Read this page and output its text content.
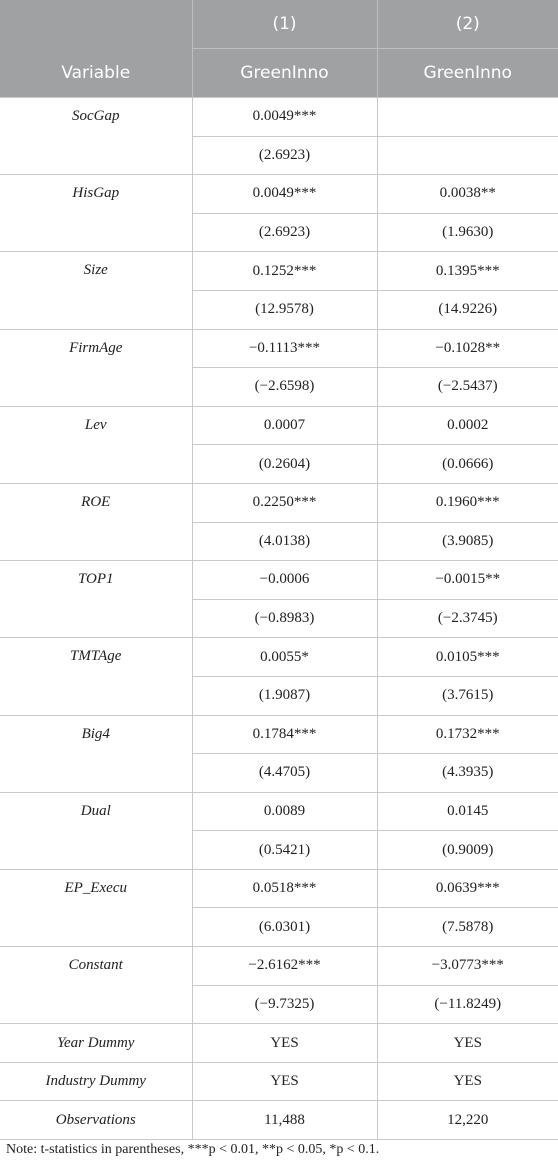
	(1)	(2)
Variable	GreenInno	GreenInno
SocGap	0.0049***	
	(2.6923)	
HisGap	0.0049***	0.0038**
	(2.6923)	(1.9630)
Size	0.1252***	0.1395***
	(12.9578)	(14.9226)
FirmAge	−0.1113***	−0.1028**
	(−2.6598)	(−2.5437)
Lev	0.0007	0.0002
	(0.2604)	(0.0666)
ROE	0.2250***	0.1960***
	(4.0138)	(3.9085)
TOP1	−0.0006	−0.0015**
	(−0.8983)	(−2.3745)
TMTAge	0.0055*	0.0105***
	(1.9087)	(3.7615)
Big4	0.1784***	0.1732***
	(4.4705)	(4.3935)
Dual	0.0089	0.0145
	(0.5421)	(0.9009)
EP_Execu	0.0518***	0.0639***
	(6.0301)	(7.5878)
Constant	−2.6162***	−3.0773***
	(−9.7325)	(−11.8249)
Year Dummy	YES	YES
Industry Dummy	YES	YES
Observations	11,488	12,220
Note: t-statistics in parentheses, ***p < 0.01, **p < 0.05, *p < 0.1.
